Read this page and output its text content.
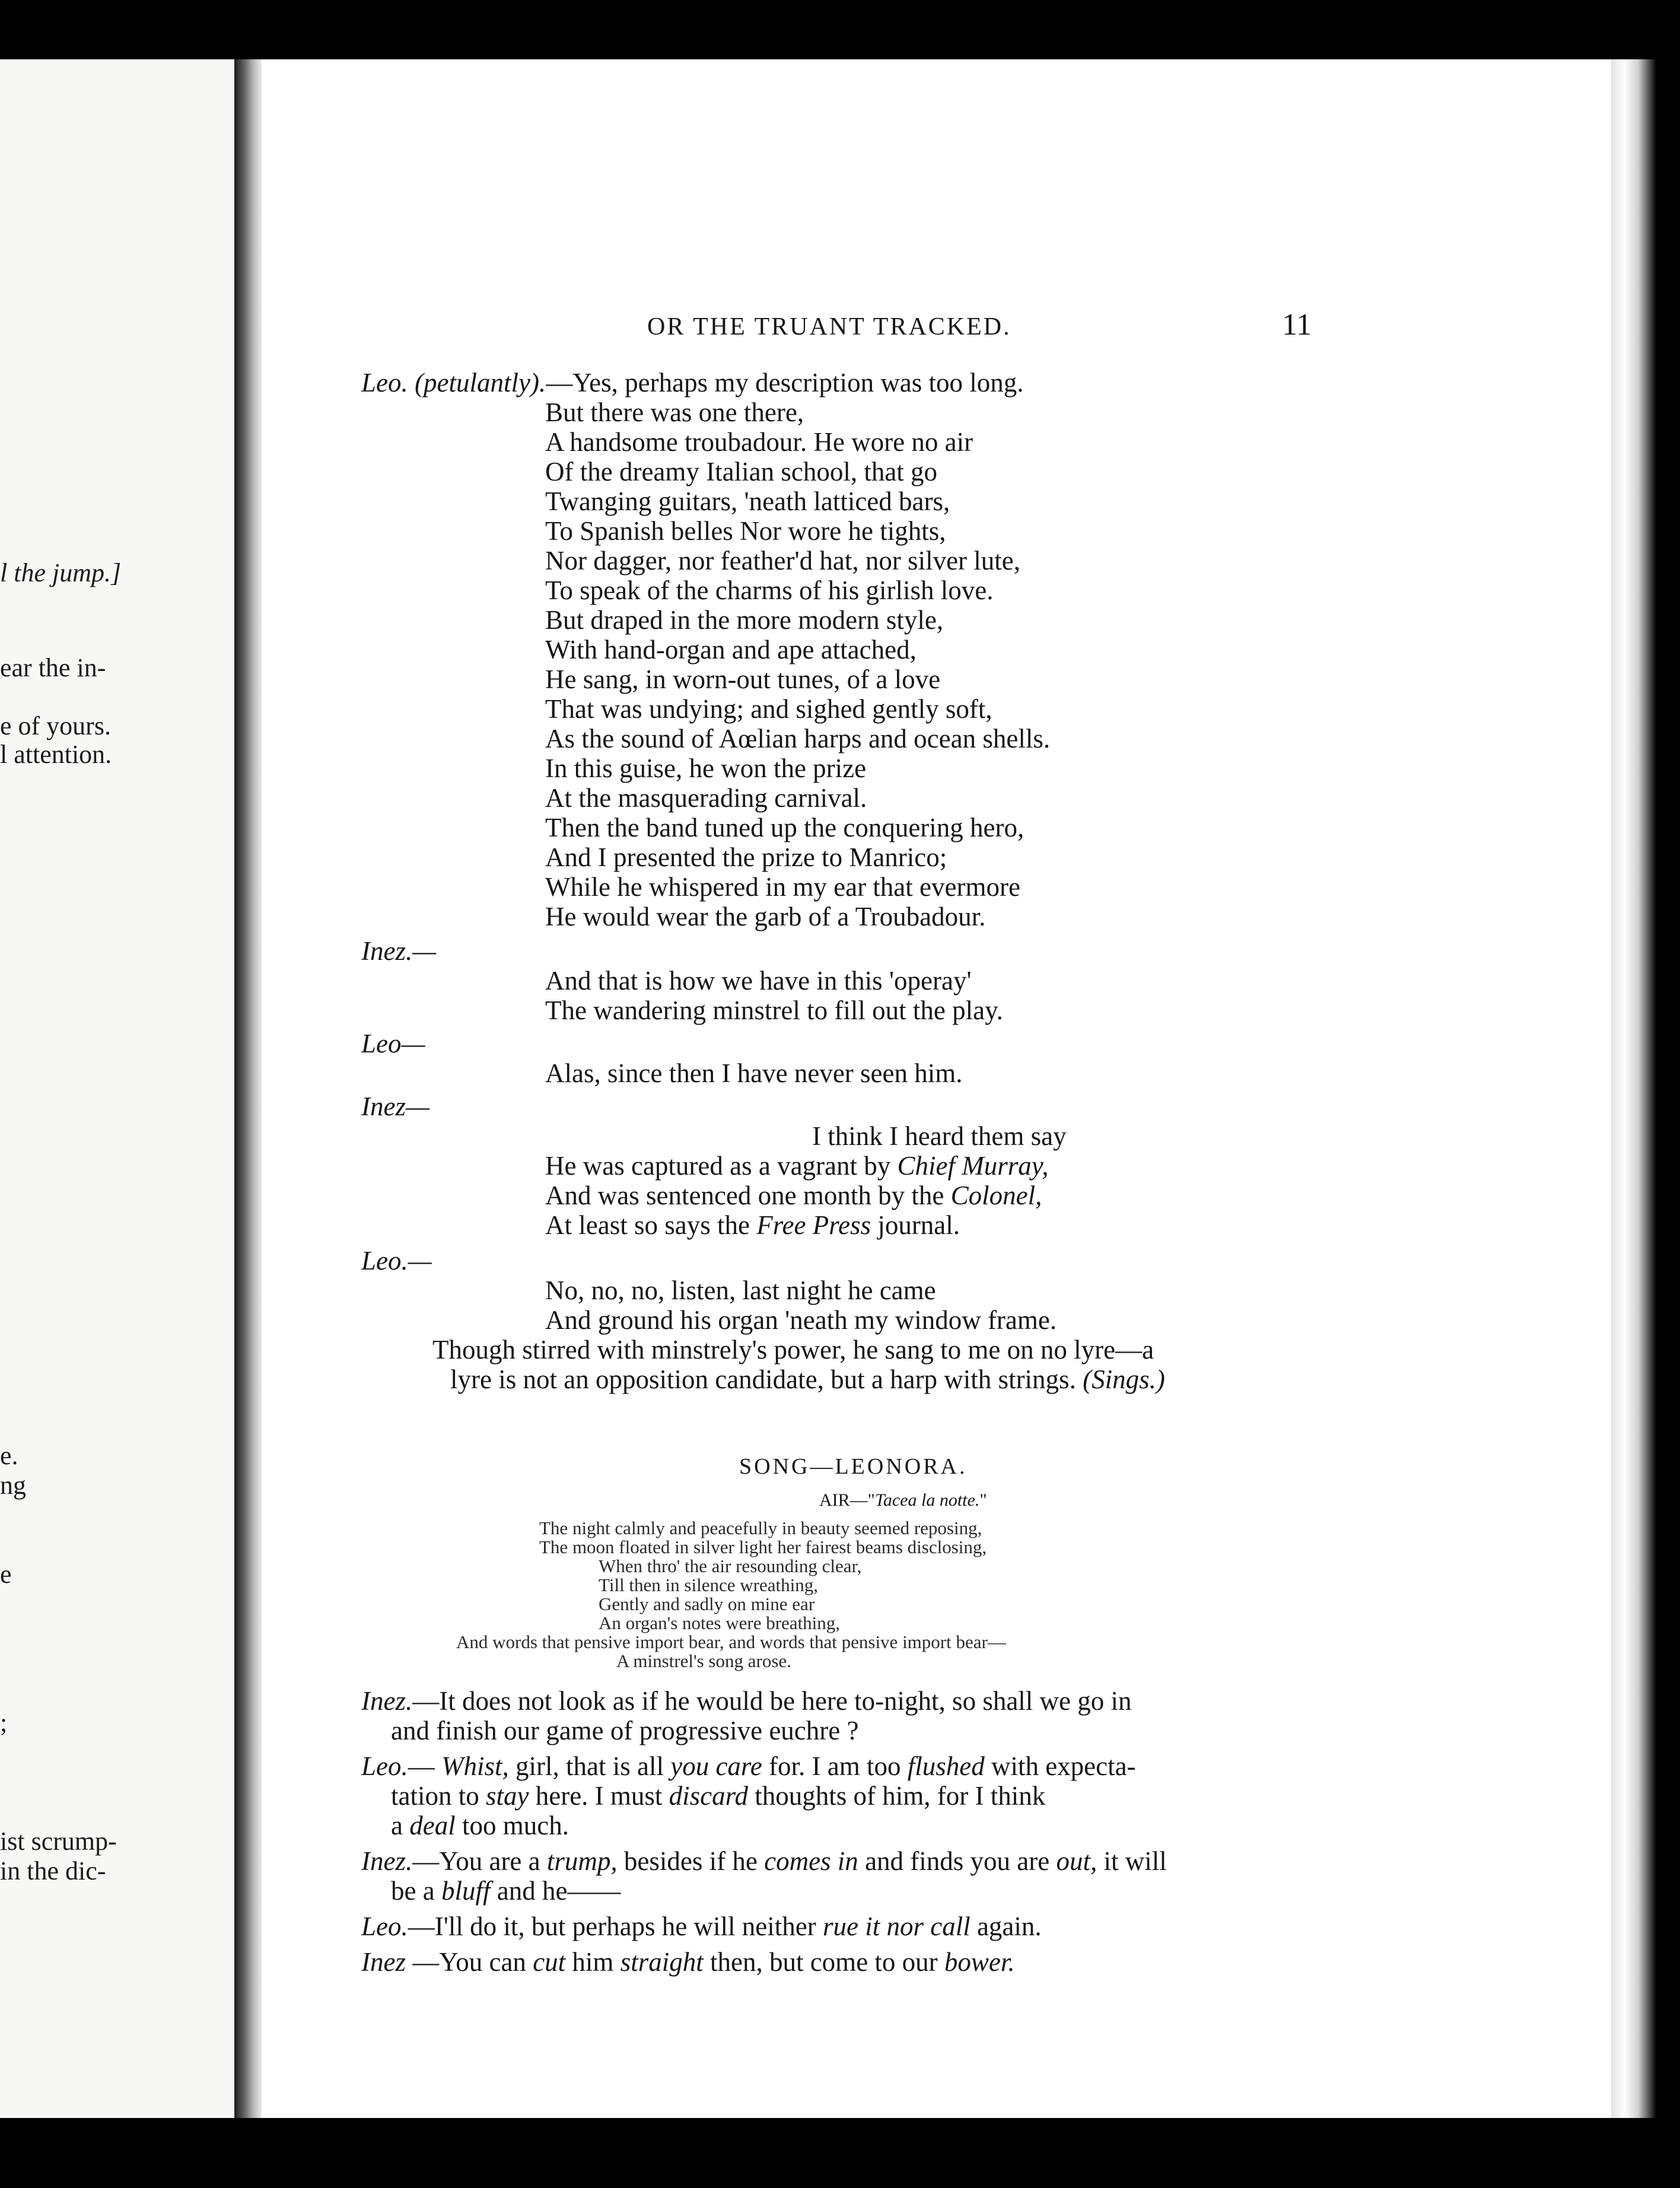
l the jump.]
ear the in-
e of yours.
l attention.
e.
ng
e
;
ist scrump-
in the dic-
OR THE TRUANT TRACKED.	11
Leo. (petulantly).—Yes, perhaps my description was too long.
But there was one there,
A handsome troubadour. He wore no air
Of the dreamy Italian school, that go
Twanging guitars, 'neath latticed bars,
To Spanish belles Nor wore he tights,
Nor dagger, nor feather'd hat, nor silver lute,
To speak of the charms of his girlish love.
But draped in the more modern style,
With hand-organ and ape attached,
He sang, in worn-out tunes, of a love
That was undying; and sighed gently soft,
As the sound of Aœlian harps and ocean shells.
In this guise, he won the prize
At the masquerading carnival.
Then the band tuned up the conquering hero,
And I presented the prize to Manrico;
While he whispered in my ear that evermore
He would wear the garb of a Troubadour.
Inez.—
And that is how we have in this 'operay'
The wandering minstrel to fill out the play.
Leo—
Alas, since then I have never seen him.
Inez—
I think I heard them say
He was captured as a vagrant by Chief Murray,
And was sentenced one month by the Colonel,
At least so says the Free Press journal.
Leo.—
No, no, no, listen, last night he came
And ground his organ 'neath my window frame.
Though stirred with minstrely's power, he sang to me on no lyre—a
lyre is not an opposition candidate, but a harp with strings. (Sings.)
SONG—LEONORA.
AIR—"Tacea la notte."
The night calmly and peacefully in beauty seemed reposing,
The moon floated in silver light her fairest beams disclosing,
When thro' the air resounding clear,
Till then in silence wreathing,
Gently and sadly on mine ear
An organ's notes were breathing,
And words that pensive import bear, and words that pensive import bear—
A minstrel's song arose.
Inez.—It does not look as if he would be here to-night, so shall we go in
and finish our game of progressive euchre ?
Leo.— Whist, girl, that is all you care for. I am too flushed with expecta-
tation to stay here. I must discard thoughts of him, for I think
a deal too much.
Inez.—You are a trump, besides if he comes in and finds you are out, it will
be a bluff and he——
Leo.—I'll do it, but perhaps he will neither rue it nor call again.
Inez —You can cut him straight then, but come to our bower.
